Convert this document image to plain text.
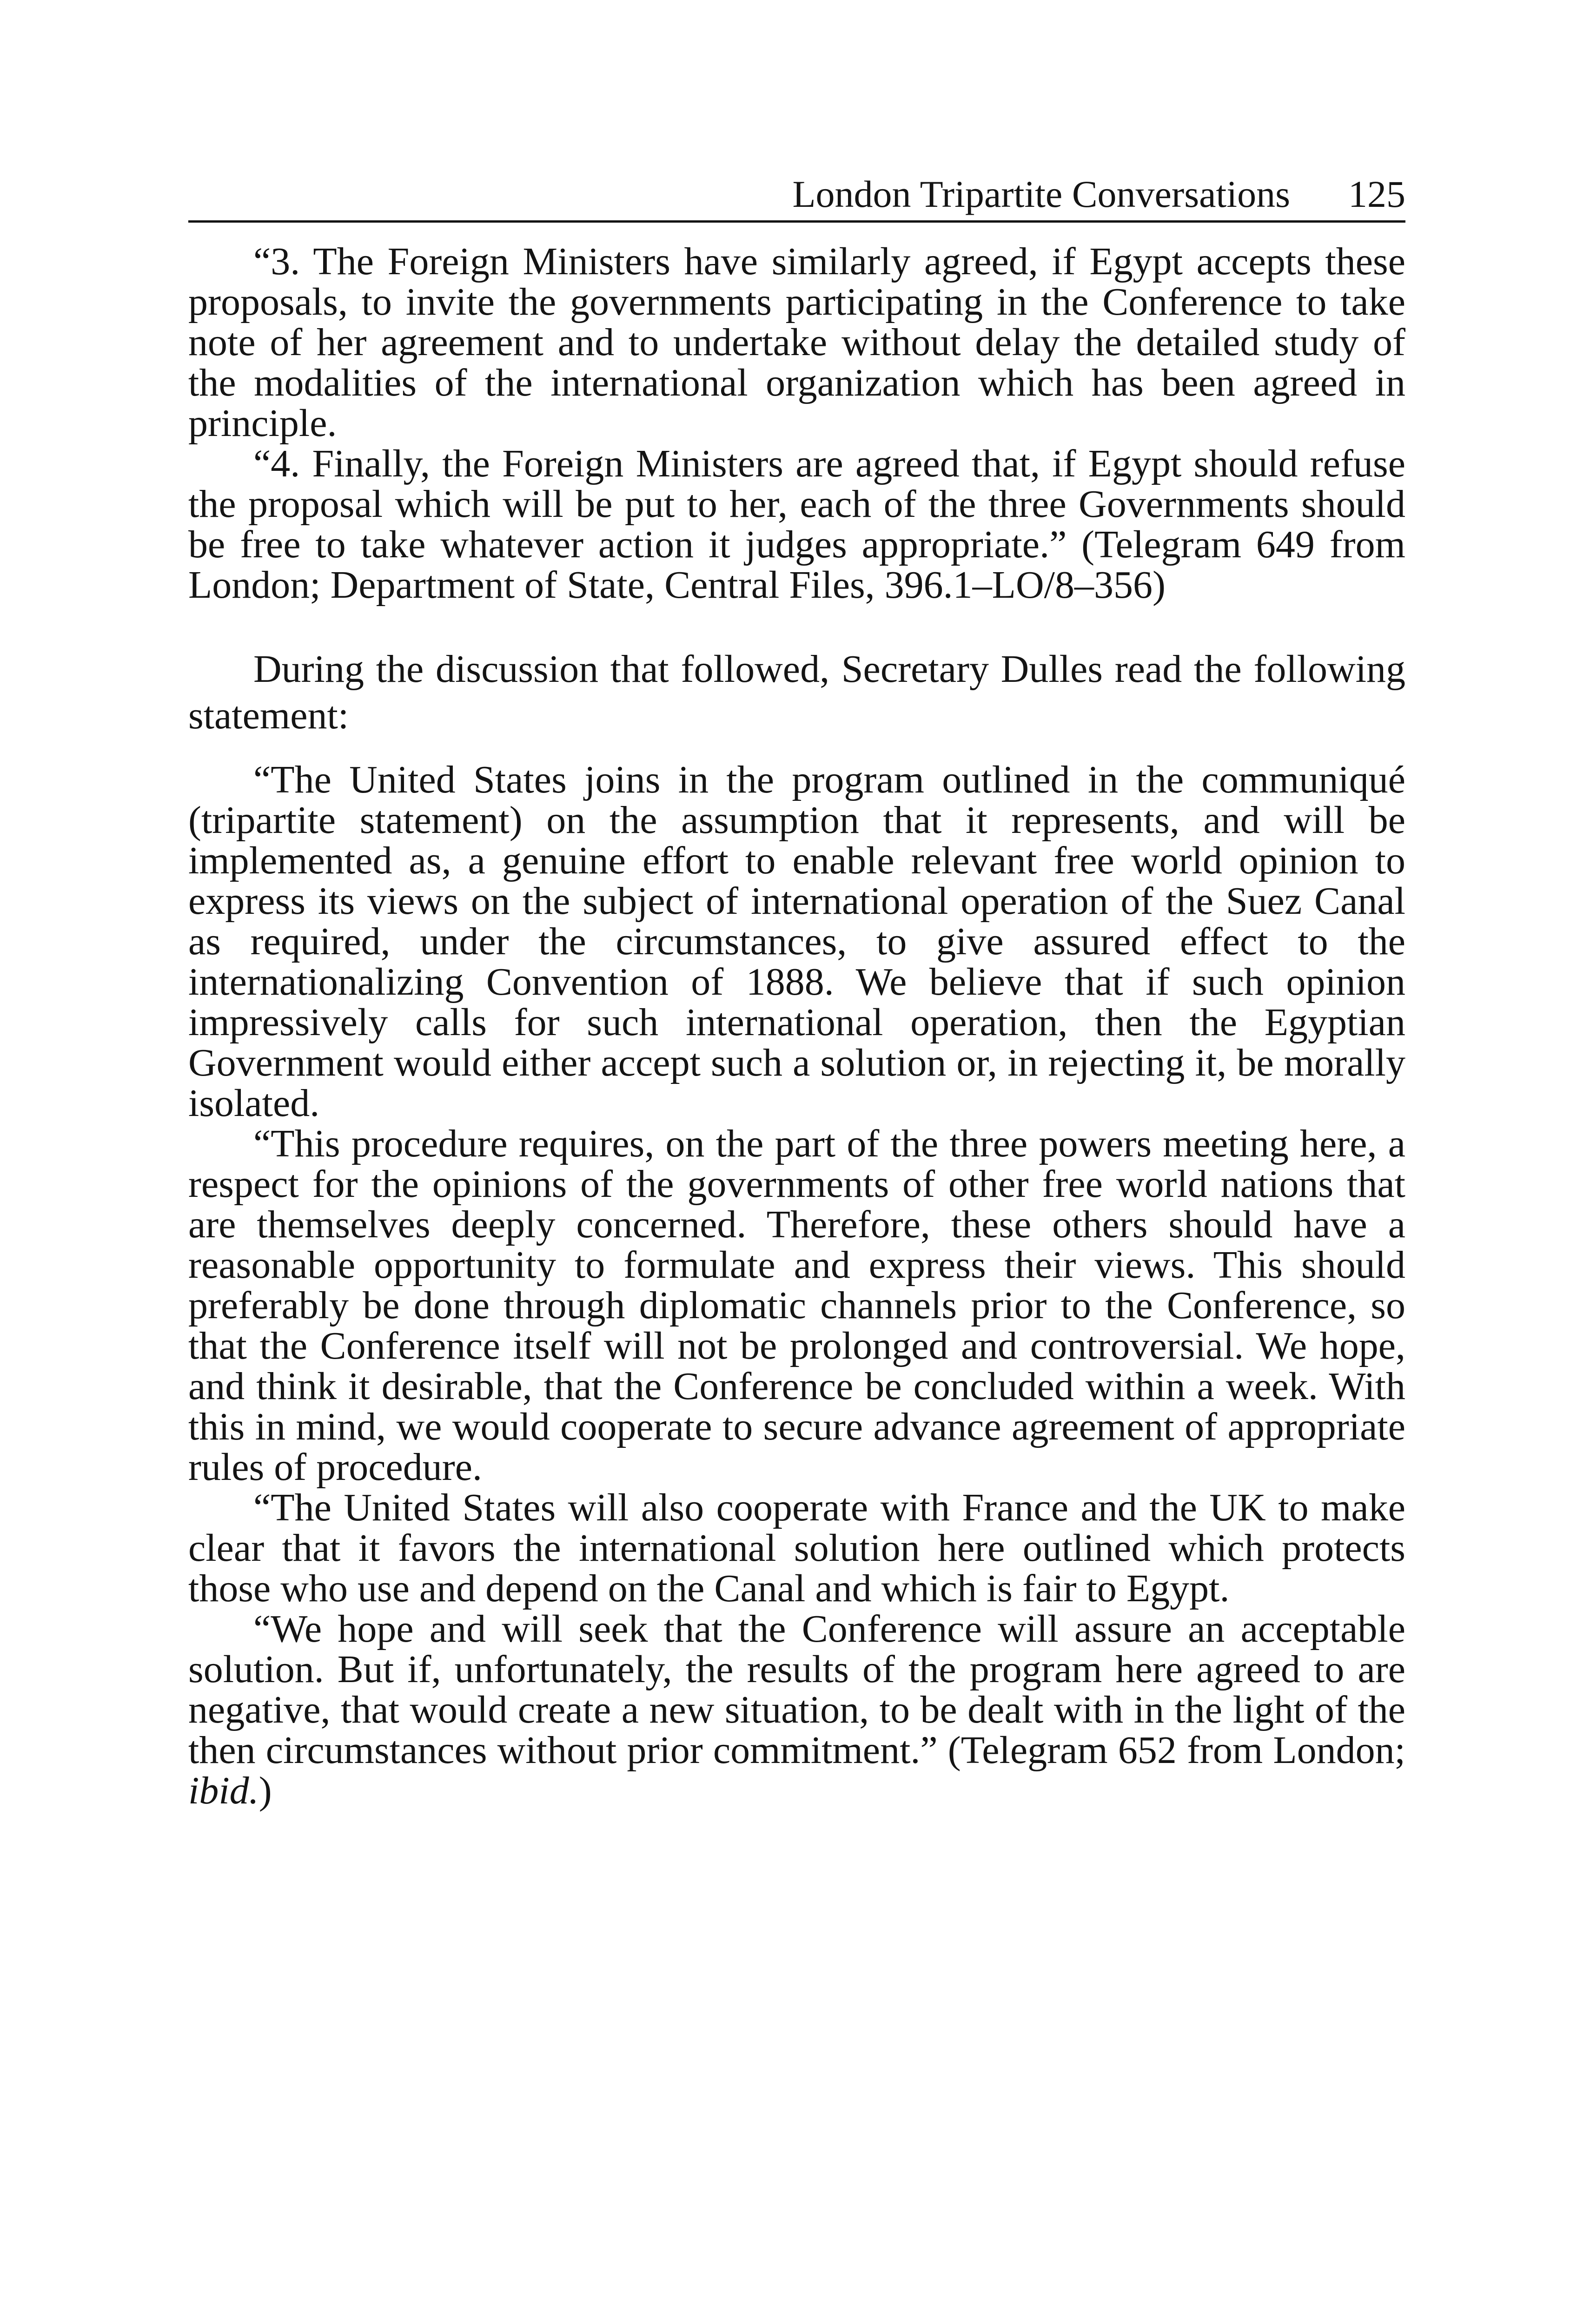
London Tripartite Conversations 125

“3. The Foreign Ministers have similarly agreed, if Egypt accepts these proposals, to invite the governments participating in the Conference to take note of her agreement and to undertake without delay the detailed study of the modalities of the international organization which has been agreed in principle.

“4. Finally, the Foreign Ministers are agreed that, if Egypt should refuse the proposal which will be put to her, each of the three Governments should be free to take whatever action it judges appropriate.” (Telegram 649 from London; Department of State, Central Files, 396.1–LO/8–356)

During the discussion that followed, Secretary Dulles read the following statement:

“The United States joins in the program outlined in the communiqué (tripartite statement) on the assumption that it represents, and will be implemented as, a genuine effort to enable relevant free world opinion to express its views on the subject of international operation of the Suez Canal as required, under the circumstances, to give assured effect to the internationalizing Convention of 1888. We believe that if such opinion impressively calls for such international operation, then the Egyptian Government would either accept such a solution or, in rejecting it, be morally isolated.

“This procedure requires, on the part of the three powers meeting here, a respect for the opinions of the governments of other free world nations that are themselves deeply concerned. Therefore, these others should have a reasonable opportunity to formulate and express their views. This should preferably be done through diplomatic channels prior to the Conference, so that the Conference itself will not be prolonged and controversial. We hope, and think it desirable, that the Conference be concluded within a week. With this in mind, we would cooperate to secure advance agreement of appropriate rules of procedure.

“The United States will also cooperate with France and the UK to make clear that it favors the international solution here outlined which protects those who use and depend on the Canal and which is fair to Egypt.

“We hope and will seek that the Conference will assure an acceptable solution. But if, unfortunately, the results of the program here agreed to are negative, that would create a new situation, to be dealt with in the light of the then circumstances without prior commitment.” (Telegram 652 from London; ibid.)
